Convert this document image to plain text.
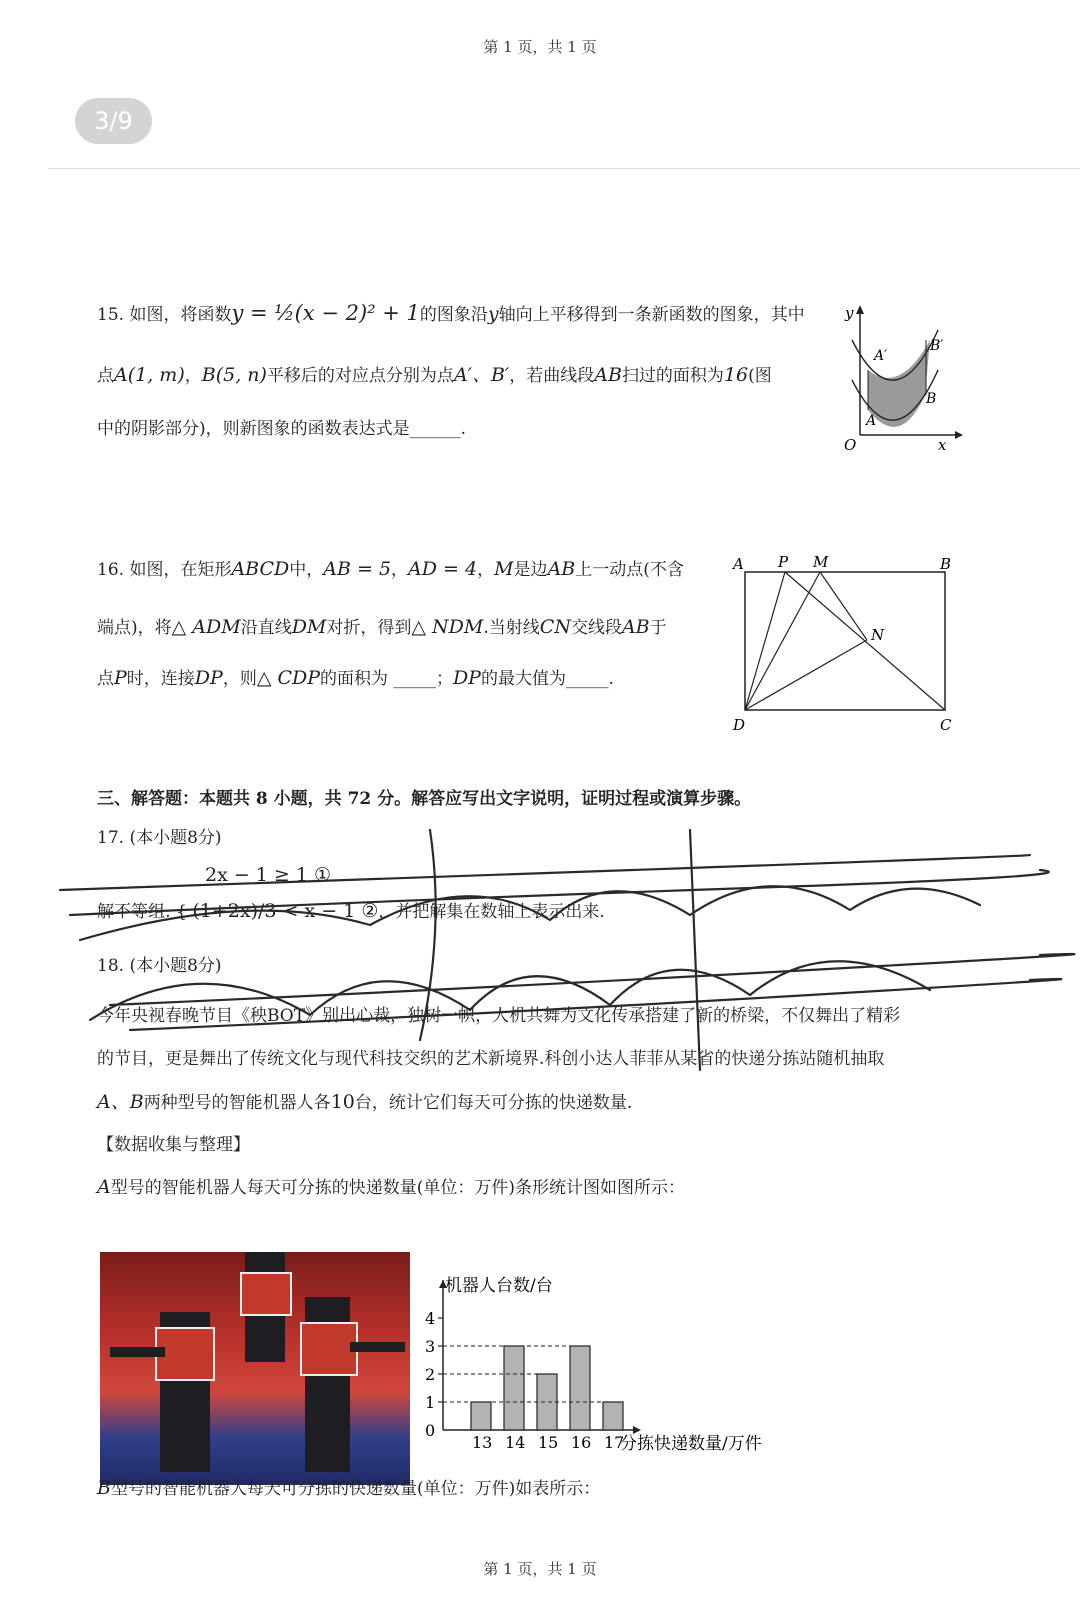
第 1 页，共 1 页
3/9
15. 如图，将函数y = ½(x − 2)² + 1的图象沿y轴向上平移得到一条新函数的图象，其中
点A(1, m)，B(5, n)平移后的对应点分别为点A′、B′，若曲线段AB扫过的面积为16(图
中的阴影部分)，则新图象的函数表达式是______.
y
x
O
A
B
A′
B′
16. 如图，在矩形ABCD中，AB = 5，AD = 4，M是边AB上一动点(不含
端点)，将△ ADM沿直线DM对折，得到△ NDM.当射线CN交线段AB于
点P时，连接DP，则△ CDP的面积为 _____；DP的最大值为_____.
A P M	B
N
D	C
三、解答题：本题共 8 小题，共 72 分。解答应写出文字说明，证明过程或演算步骤。
17. (本小题8分)
2x − 1 ≥ 1 ①
解不等组: { (1+2x)/3 < x − 1 ②，并把解集在数轴上表示出来.
18. (本小题8分)
今年央视春晚节目《秧BOT》别出心裁，独树一帜，人机共舞为文化传承搭建了新的桥梁，不仅舞出了精彩
的节目，更是舞出了传统文化与现代科技交织的艺术新境界.科创小达人菲菲从某省的快递分拣站随机抽取
A、B两种型号的智能机器人各10台，统计它们每天可分拣的快递数量.
【数据收集与整理】
A型号的智能机器人每天可分拣的快递数量(单位：万件)条形统计图如图所示：
机器人台数/台
分拣快递数量/万件
0
1
2
3
4
13 14 15 16 17
B型号的智能机器人每天可分拣的快递数量(单位：万件)如表所示：
第 1 页，共 1 页
